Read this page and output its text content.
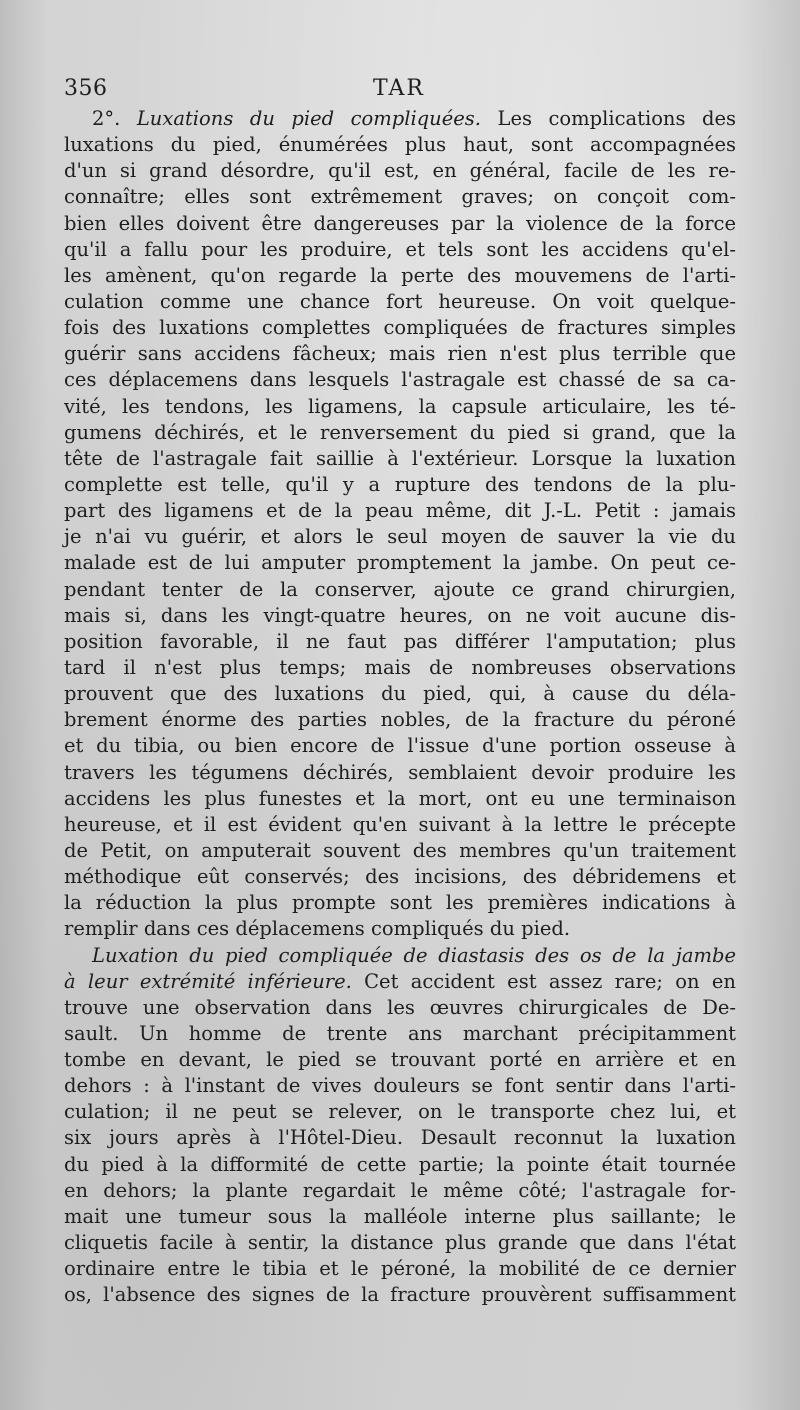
356	TAR
2°. Luxations du pied compliquées. Les complications des
luxations du pied, énumérées plus haut, sont accompagnées
d'un si grand désordre, qu'il est, en général, facile de les re-
connaître; elles sont extrêmement graves; on conçoit com-
bien elles doivent être dangereuses par la violence de la force
qu'il a fallu pour les produire, et tels sont les accidens qu'el-
les amènent, qu'on regarde la perte des mouvemens de l'arti-
culation comme une chance fort heureuse. On voit quelque-
fois des luxations complettes compliquées de fractures simples
guérir sans accidens fâcheux; mais rien n'est plus terrible que
ces déplacemens dans lesquels l'astragale est chassé de sa ca-
vité, les tendons, les ligamens, la capsule articulaire, les té-
gumens déchirés, et le renversement du pied si grand, que la
tête de l'astragale fait saillie à l'extérieur. Lorsque la luxation
complette est telle, qu'il y a rupture des tendons de la plu-
part des ligamens et de la peau même, dit J.-L. Petit : jamais
je n'ai vu guérir, et alors le seul moyen de sauver la vie du
malade est de lui amputer promptement la jambe. On peut ce-
pendant tenter de la conserver, ajoute ce grand chirurgien,
mais si, dans les vingt-quatre heures, on ne voit aucune dis-
position favorable, il ne faut pas différer l'amputation; plus
tard il n'est plus temps; mais de nombreuses observations
prouvent que des luxations du pied, qui, à cause du déla-
brement énorme des parties nobles, de la fracture du péroné
et du tibia, ou bien encore de l'issue d'une portion osseuse à
travers les tégumens déchirés, semblaient devoir produire les
accidens les plus funestes et la mort, ont eu une terminaison
heureuse, et il est évident qu'en suivant à la lettre le précepte
de Petit, on amputerait souvent des membres qu'un traitement
méthodique eût conservés; des incisions, des débridemens et
la réduction la plus prompte sont les premières indications à
remplir dans ces déplacemens compliqués du pied.
Luxation du pied compliquée de diastasis des os de la jambe
à leur extrémité inférieure. Cet accident est assez rare; on en
trouve une observation dans les œuvres chirurgicales de De-
sault. Un homme de trente ans marchant précipitamment
tombe en devant, le pied se trouvant porté en arrière et en
dehors : à l'instant de vives douleurs se font sentir dans l'arti-
culation; il ne peut se relever, on le transporte chez lui, et
six jours après à l'Hôtel-Dieu. Desault reconnut la luxation
du pied à la difformité de cette partie; la pointe était tournée
en dehors; la plante regardait le même côté; l'astragale for-
mait une tumeur sous la malléole interne plus saillante; le
cliquetis facile à sentir, la distance plus grande que dans l'état
ordinaire entre le tibia et le péroné, la mobilité de ce dernier
os, l'absence des signes de la fracture prouvèrent suffisamment
